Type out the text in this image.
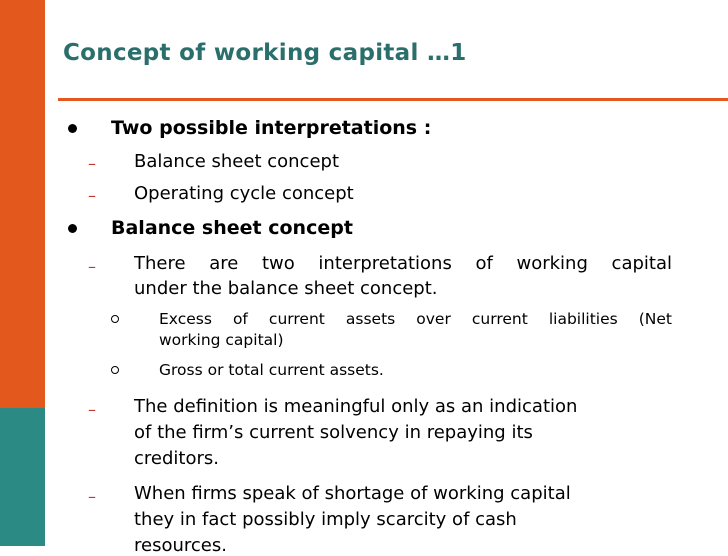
Concept of working capital …1
Two possible interpretations :
– Balance sheet concept
– Operating cycle concept
Balance sheet concept
– There are two interpretations of working capital
under the balance sheet concept.
Excess of current assets over current liabilities (Net
working capital)
Gross or total current assets.
– The definition is meaningful only as an indication
of the firm’s current solvency in repaying its
creditors.
– When firms speak of shortage of working capital
they in fact possibly imply scarcity of cash
resources.
